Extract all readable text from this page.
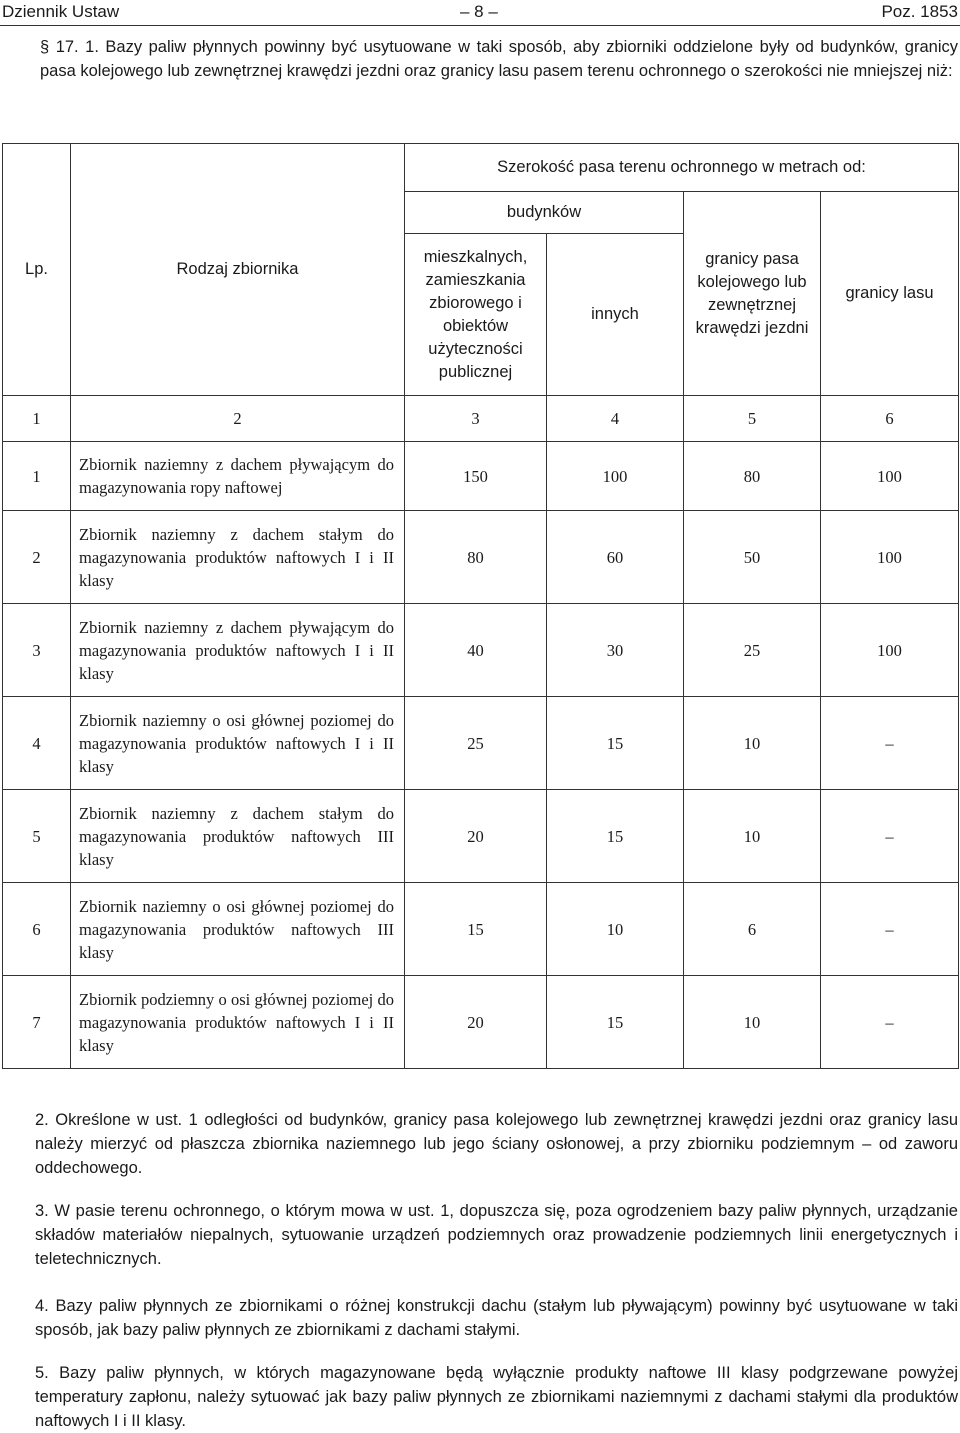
Dziennik Ustaw	– 8 –	Poz. 1853
§ 17. 1. Bazy paliw płynnych powinny być usytuowane w taki sposób, aby zbiorniki oddzielone były od budynków, granicy pasa kolejowego lub zewnętrznej krawędzi jezdni oraz granicy lasu pasem terenu ochronnego o szerokości nie mniejszej niż:
Lp.	Rodzaj zbiornika	Szerokość pasa terenu ochronnego w metrach od:			
		budynków		granicy pasa kolejowego lub zewnętrznej krawędzi jezdni	granicy lasu
		mieszkalnych, zamieszkania zbiorowego i obiektów użyteczności publicznej	innych		
1	2	3	4	5	6
1	Zbiornik naziemny z dachem pływającym do magazynowania ropy naftowej	150	100	80	100
2	Zbiornik naziemny z dachem stałym do magazynowania produktów naftowych I i II klasy	80	60	50	100
3	Zbiornik naziemny z dachem pływającym do magazynowania produktów naftowych I i II klasy	40	30	25	100
4	Zbiornik naziemny o osi głównej poziomej do magazynowania produktów naftowych I i II klasy	25	15	10	–
5	Zbiornik naziemny z dachem stałym do magazynowania produktów naftowych III klasy	20	15	10	–
6	Zbiornik naziemny o osi głównej poziomej do magazynowania produktów naftowych III klasy	15	10	6	–
7	Zbiornik podziemny o osi głównej poziomej do magazynowania produktów naftowych I i II klasy	20	15	10	–
2. Określone w ust. 1 odległości od budynków, granicy pasa kolejowego lub zewnętrznej krawędzi jezdni oraz granicy lasu należy mierzyć od płaszcza zbiornika naziemnego lub jego ściany osłonowej, a przy zbiorniku podziemnym – od zaworu oddechowego.
3. W pasie terenu ochronnego, o którym mowa w ust. 1, dopuszcza się, poza ogrodzeniem bazy paliw płynnych, urządzanie składów materiałów niepalnych, sytuowanie urządzeń podziemnych oraz prowadzenie podziemnych linii energetycznych i teletechnicznych.
4. Bazy paliw płynnych ze zbiornikami o różnej konstrukcji dachu (stałym lub pływającym) powinny być usytuowane w taki sposób, jak bazy paliw płynnych ze zbiornikami z dachami stałymi.
5. Bazy paliw płynnych, w których magazynowane będą wyłącznie produkty naftowe III klasy podgrzewane powyżej temperatury zapłonu, należy sytuować jak bazy paliw płynnych ze zbiornikami naziemnymi z dachami stałymi dla produktów naftowych I i II klasy.
